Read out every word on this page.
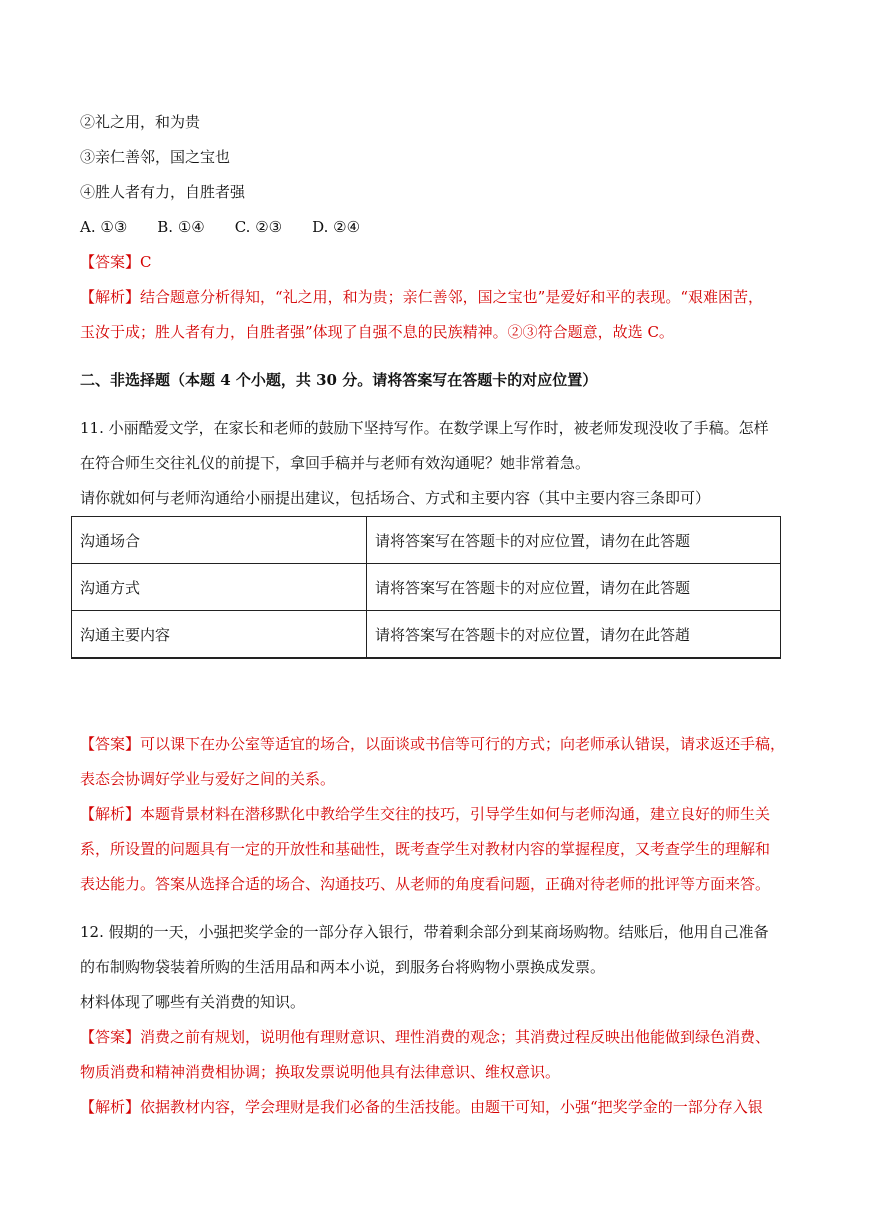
②礼之用，和为贵
③亲仁善邻，国之宝也
④胜人者有力，自胜者强
A. ①③　　B. ①④　　C. ②③　　D. ②④
【答案】C
【解析】结合题意分析得知，“礼之用，和为贵；亲仁善邻，国之宝也”是爱好和平的表现。“艰难困苦，
玉汝于成；胜人者有力，自胜者强”体现了自强不息的民族精神。②③符合题意，故选 C。
二、非选择题（本题 4 个小题，共 30 分。请将答案写在答题卡的对应位置）
11. 小丽酷爱文学，在家长和老师的鼓励下坚持写作。在数学课上写作时，被老师发现没收了手稿。怎样
在符合师生交往礼仪的前提下，拿回手稿并与老师有效沟通呢？她非常着急。
请你就如何与老师沟通给小丽提出建议，包括场合、方式和主要内容（其中主要内容三条即可）
沟通场合	请将答案写在答题卡的对应位置，请勿在此答题
沟通方式	请将答案写在答题卡的对应位置，请勿在此答题
沟通主要内容	请将答案写在答题卡的对应位置，请勿在此答趙
【答案】可以课下在办公室等适宜的场合，以面谈或书信等可行的方式；向老师承认错误，请求返还手稿，
表态会协调好学业与爱好之间的关系。
【解析】本题背景材料在潜移默化中教给学生交往的技巧，引导学生如何与老师沟通，建立良好的师生关
系，所设置的问题具有一定的开放性和基础性，既考查学生对教材内容的掌握程度，又考查学生的理解和
表达能力。答案从选择合适的场合、沟通技巧、从老师的角度看问题，正确对待老师的批评等方面来答。
12. 假期的一天，小强把奖学金的一部分存入银行，带着剩余部分到某商场购物。结账后，他用自己准备
的布制购物袋装着所购的生活用品和两本小说，到服务台将购物小票换成发票。
材料体现了哪些有关消费的知识。
【答案】消费之前有规划，说明他有理财意识、理性消费的观念；其消费过程反映出他能做到绿色消费、
物质消费和精神消费相协调；换取发票说明他具有法律意识、维权意识。
【解析】依据教材内容，学会理财是我们必备的生活技能。由题干可知，小强“把奖学金的一部分存入银
